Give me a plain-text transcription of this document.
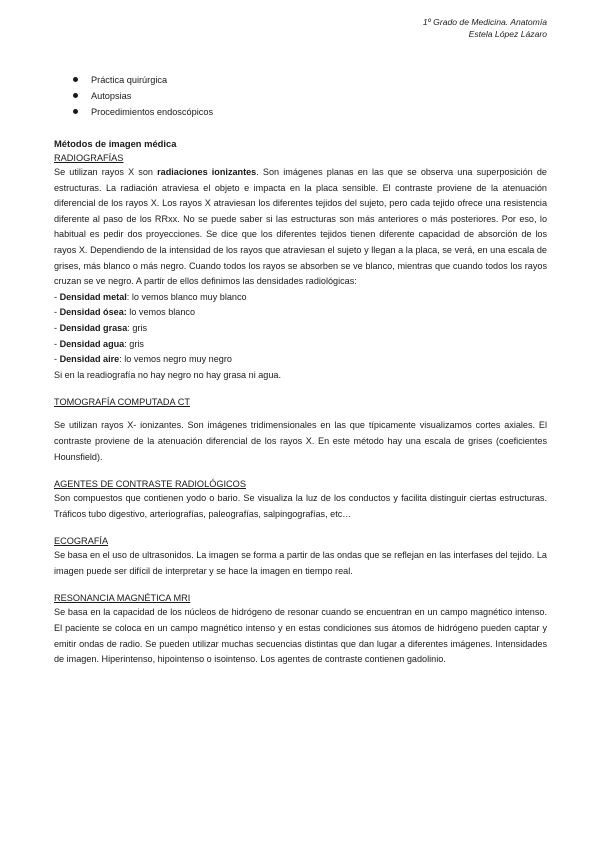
1º Grado de Medicina. Anatomía
Estela López Lázaro
Práctica quirúrgica
Autopsias
Procedimientos endoscópicos
Métodos de imagen médica
RADIOGRAFÍAS

Se utilizan rayos X son radiaciones ionizantes. Son imágenes planas en las que se observa una superposición de estructuras. La radiación atraviesa el objeto e impacta en la placa sensible. El contraste proviene de la atenuación diferencial de los rayos X. Los rayos X atraviesan los diferentes tejidos del sujeto, pero cada tejido ofrece una resistencia diferente al paso de los RRxx. No se puede saber si las estructuras son más anteriores o más posteriores. Por eso, lo habitual es pedir dos proyecciones. Se dice que los diferentes tejidos tienen diferente capacidad de absorción de los rayos X. Dependiendo de la intensidad de los rayos que atraviesan el sujeto y llegan a la placa, se verá, en una escala de grises, más blanco o más negro. Cuando todos los rayos se absorben se ve blanco, mientras que cuando todos los rayos cruzan se ve negro. A partir de ellos definimos las densidades radiológicas:

- Densidad metal: lo vemos blanco muy blanco
- Densidad ósea: lo vemos blanco
- Densidad grasa: gris
- Densidad agua: gris
- Densidad aire: lo vemos negro muy negro
Si en la readiografía no hay negro no hay grasa ni agua.
TOMOGRAFÍA COMPUTADA CT

Se utilizan rayos X- ionizantes. Son imágenes tridimensionales en las que típicamente visualizamos cortes axiales. El contraste proviene de la atenuación diferencial de los rayos X. En este método hay una escala de grises (coeficientes Hounsfield).

AGENTES DE CONTRASTE RADIOLÓGICOS

Son compuestos que contienen yodo o bario. Se visualiza la luz de los conductos y facilita distinguir ciertas estructuras. Tráficos tubo digestivo, arteriografías, paleografías, salpingografías, etc…

ECOGRAFÍA

Se basa en el uso de ultrasonidos. La imagen se forma a partir de las ondas que se reflejan en las interfases del tejido. La imagen puede ser difícil de interpretar y se hace la imagen en tiempo real.

RESONANCIA MAGNÉTICA MRI

Se basa en la capacidad de los núcleos de hidrógeno de resonar cuando se encuentran en un campo magnético intenso. El paciente se coloca en un campo magnético intenso y en estas condiciones sus átomos de hidrógeno pueden captar y emitir ondas de radio. Se pueden utilizar muchas secuencias distintas que dan lugar a diferentes imágenes. Intensidades de imagen. Hiperintenso, hipointenso o isointenso. Los agentes de contraste contienen gadolinio.
